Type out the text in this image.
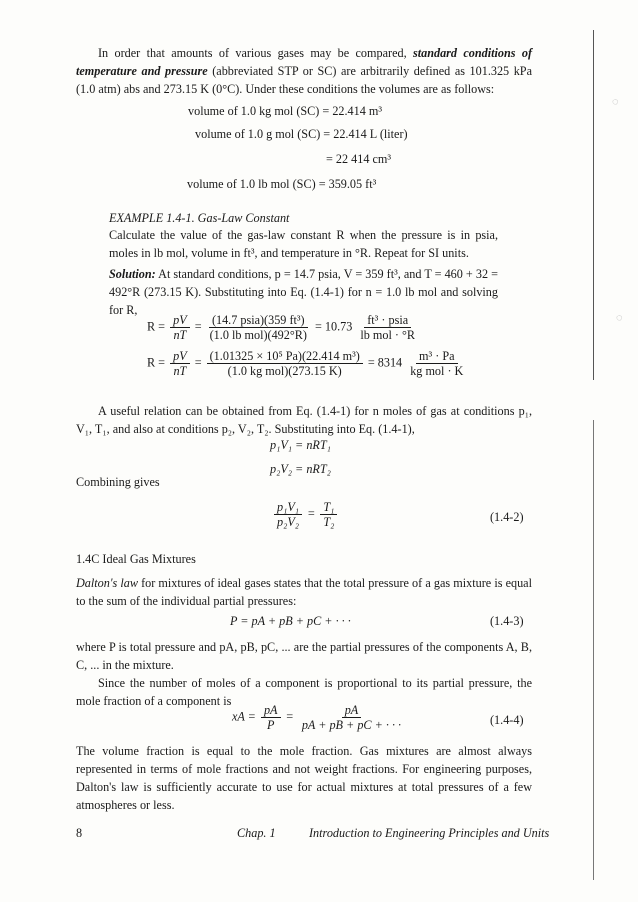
◌
◌
In order that amounts of various gases may be compared, standard conditions of temperature and pressure (abbreviated STP or SC) are arbitrarily defined as 101.325 kPa (1.0 atm) abs and 273.15 K (0°C). Under these conditions the volumes are as follows:
volume of 1.0 kg mol (SC) = 22.414 m³
volume of 1.0 g mol (SC) = 22.414 L (liter)
= 22 414 cm³
volume of 1.0 lb mol (SC) = 359.05 ft³
EXAMPLE 1.4-1. Gas-Law Constant
Calculate the value of the gas-law constant R when the pressure is in psia, moles in lb mol, volume in ft³, and temperature in °R. Repeat for SI units.
Solution: At standard conditions, p = 14.7 psia, V = 359 ft³, and T = 460 + 32 = 492°R (273.15 K). Substituting into Eq. (1.4-1) for n = 1.0 lb mol and solving for R,
$R = \frac{pV}{nT} = \frac{\text{(14.7 psia)(359 ft³)}}{\text{(1.0 lb mol)(492°R)}} = 10.73 \frac{\text{ft³ · psia}}{\text{lb mol · °R}}$
$R = \frac{pV}{nT} = \frac{\text{(1.01325 × 10⁵ Pa)(22.414 m³)}}{\text{(1.0 kg mol)(273.15 K)}} = 8314 \frac{\text{m³ · Pa}}{\text{kg mol · K}}$
A useful relation can be obtained from Eq. (1.4-1) for n moles of gas at conditions p₁, V₁, T₁, and also at conditions p₂, V₂, T₂. Substituting into Eq. (1.4-1),
p₁V₁ = nRT₁
p₂V₂ = nRT₂
Combining gives
$\frac{\text{p₁V₁}}{\text{p₂V₂}} = \frac{\text{T₁}}{\text{T₂}}$	(1.4-2)
1.4C Ideal Gas Mixtures
Dalton's law for mixtures of ideal gases states that the total pressure of a gas mixture is equal to the sum of the individual partial pressures:
P = pA + pB + pC + · · ·	(1.4-3)
where P is total pressure and pA, pB, pC, ... are the partial pressures of the components A, B, C, ... in the mixture.
Since the number of moles of a component is proportional to its partial pressure, the mole fraction of a component is
xA = $\frac{pA}{P} = \frac{pA}{pA + pB + pC + \cdot \cdot \cdot}$	(1.4-4)
The volume fraction is equal to the mole fraction. Gas mixtures are almost always represented in terms of mole fractions and not weight fractions. For engineering purposes, Dalton's law is sufficiently accurate to use for actual mixtures at total pressures of a few atmospheres or less.
8	Chap. 1	Introduction to Engineering Principles and Units
